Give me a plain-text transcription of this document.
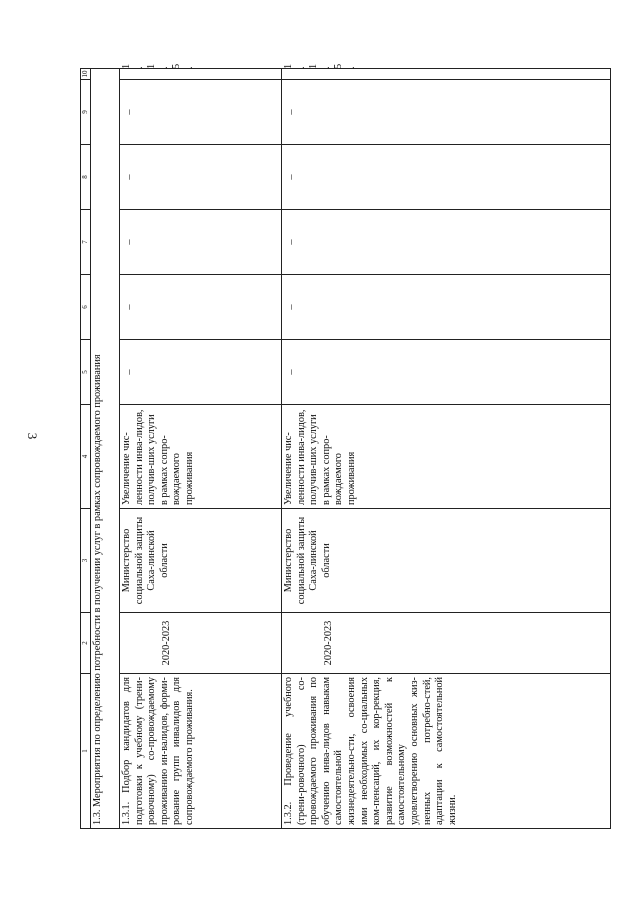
3
1	2	3	4	5	6	7	8	9	10
1.3. Мероприятия по определению потребности в получении услуг в рамках сопровождаемого проживания									
1.3.1. Подбор кандидатов для подготовки к учебному (трени-ровочному) со-провождаемому проживанию ин-валидов, форми-рование групп инвалидов для сопровождаемого проживания.	2020-2023	Министерство социальной защиты Саха-линской области	Увеличение чис-ленности инва-лидов, получив-ших услуги в рамках сопро-вождаемого проживания	–	–	–	–	–	1.1.5.
1.3.2. Проведение учебного (трени-ровочного) со-провождаемого проживания по обучению инва-лидов навыкам самостоятельной жизнедеятельно-сти, освоения ими необходимых со-циальных ком-пенсаций, их кор-рекция, развитие возможностей к самостоятельному удовлетворению основных жиз-ненных потребно-стей, адаптации к самостоятельной жизни.	2020-2023	Министерство социальной защиты Саха-линской области	Увеличение чис-ленности инва-лидов, получив-ших услуги в рамках сопро-вождаемого проживания	–	–	–	–	–	1.1.5.
